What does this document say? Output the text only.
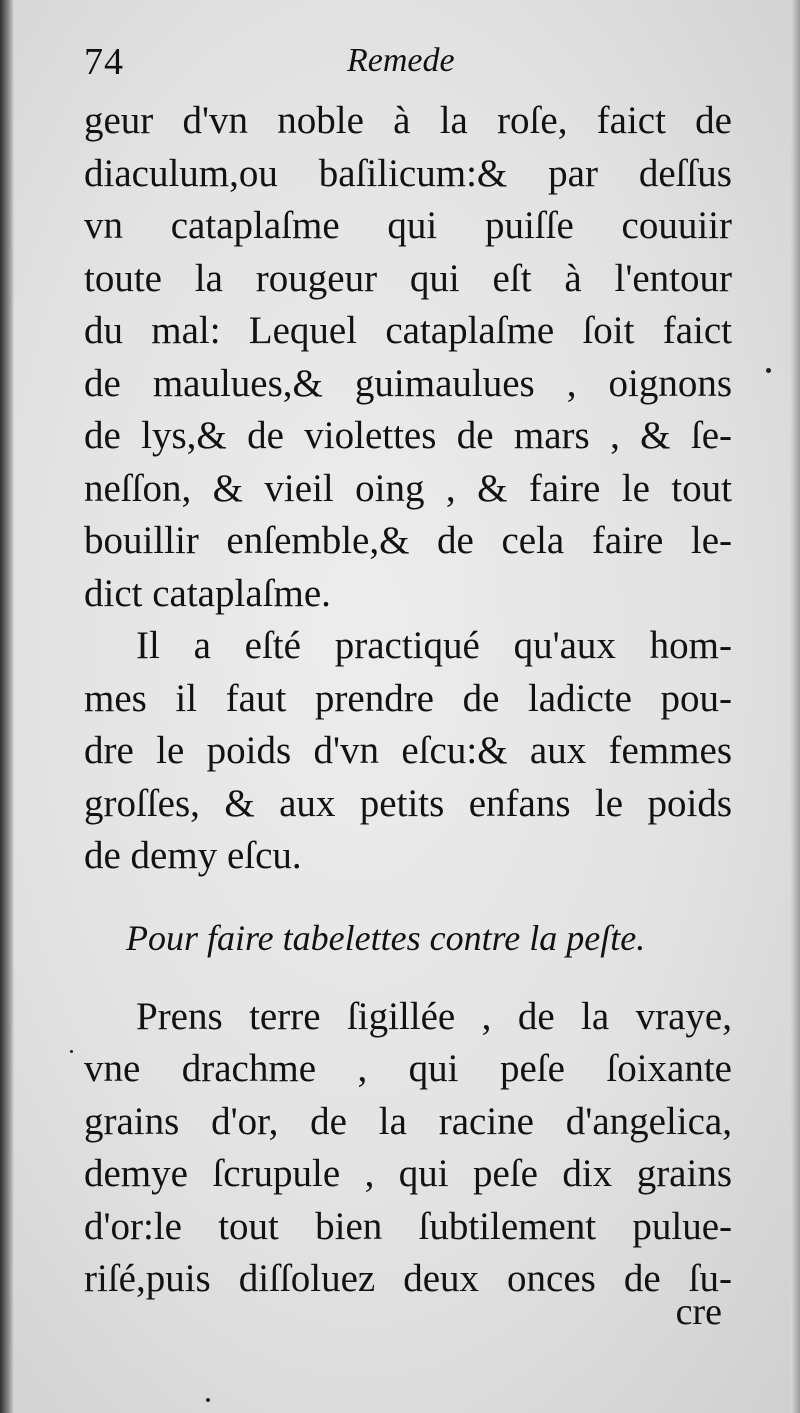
74	Remede
geur d'vn noble à la roſe, faict de
diaculum,ou baſilicum:& par deſſus
vn cataplaſme qui puiſſe couuiir
toute la rougeur qui eſt à l'entour
du mal: Lequel cataplaſme ſoit faict
de maulues,& guimaulues , oignons
de lys,& de violettes de mars , & ſe-
neſſon, & vieil oing , & faire le tout
bouillir enſemble,& de cela faire le-
dict cataplaſme.
Il a eſté practiqué qu'aux hom-
mes il faut prendre de ladicte pou-
dre le poids d'vn eſcu:& aux femmes
groſſes, & aux petits enfans le poids
de demy eſcu.
Pour faire tabelettes contre la peſte.
Prens terre ſigillée , de la vraye,
vne drachme , qui peſe ſoixante
grains d'or, de la racine d'angelica,
demye ſcrupule , qui peſe dix grains
d'or:le tout bien ſubtilement pulue-
riſé,puis diſſoluez deux onces de ſu-
cre
